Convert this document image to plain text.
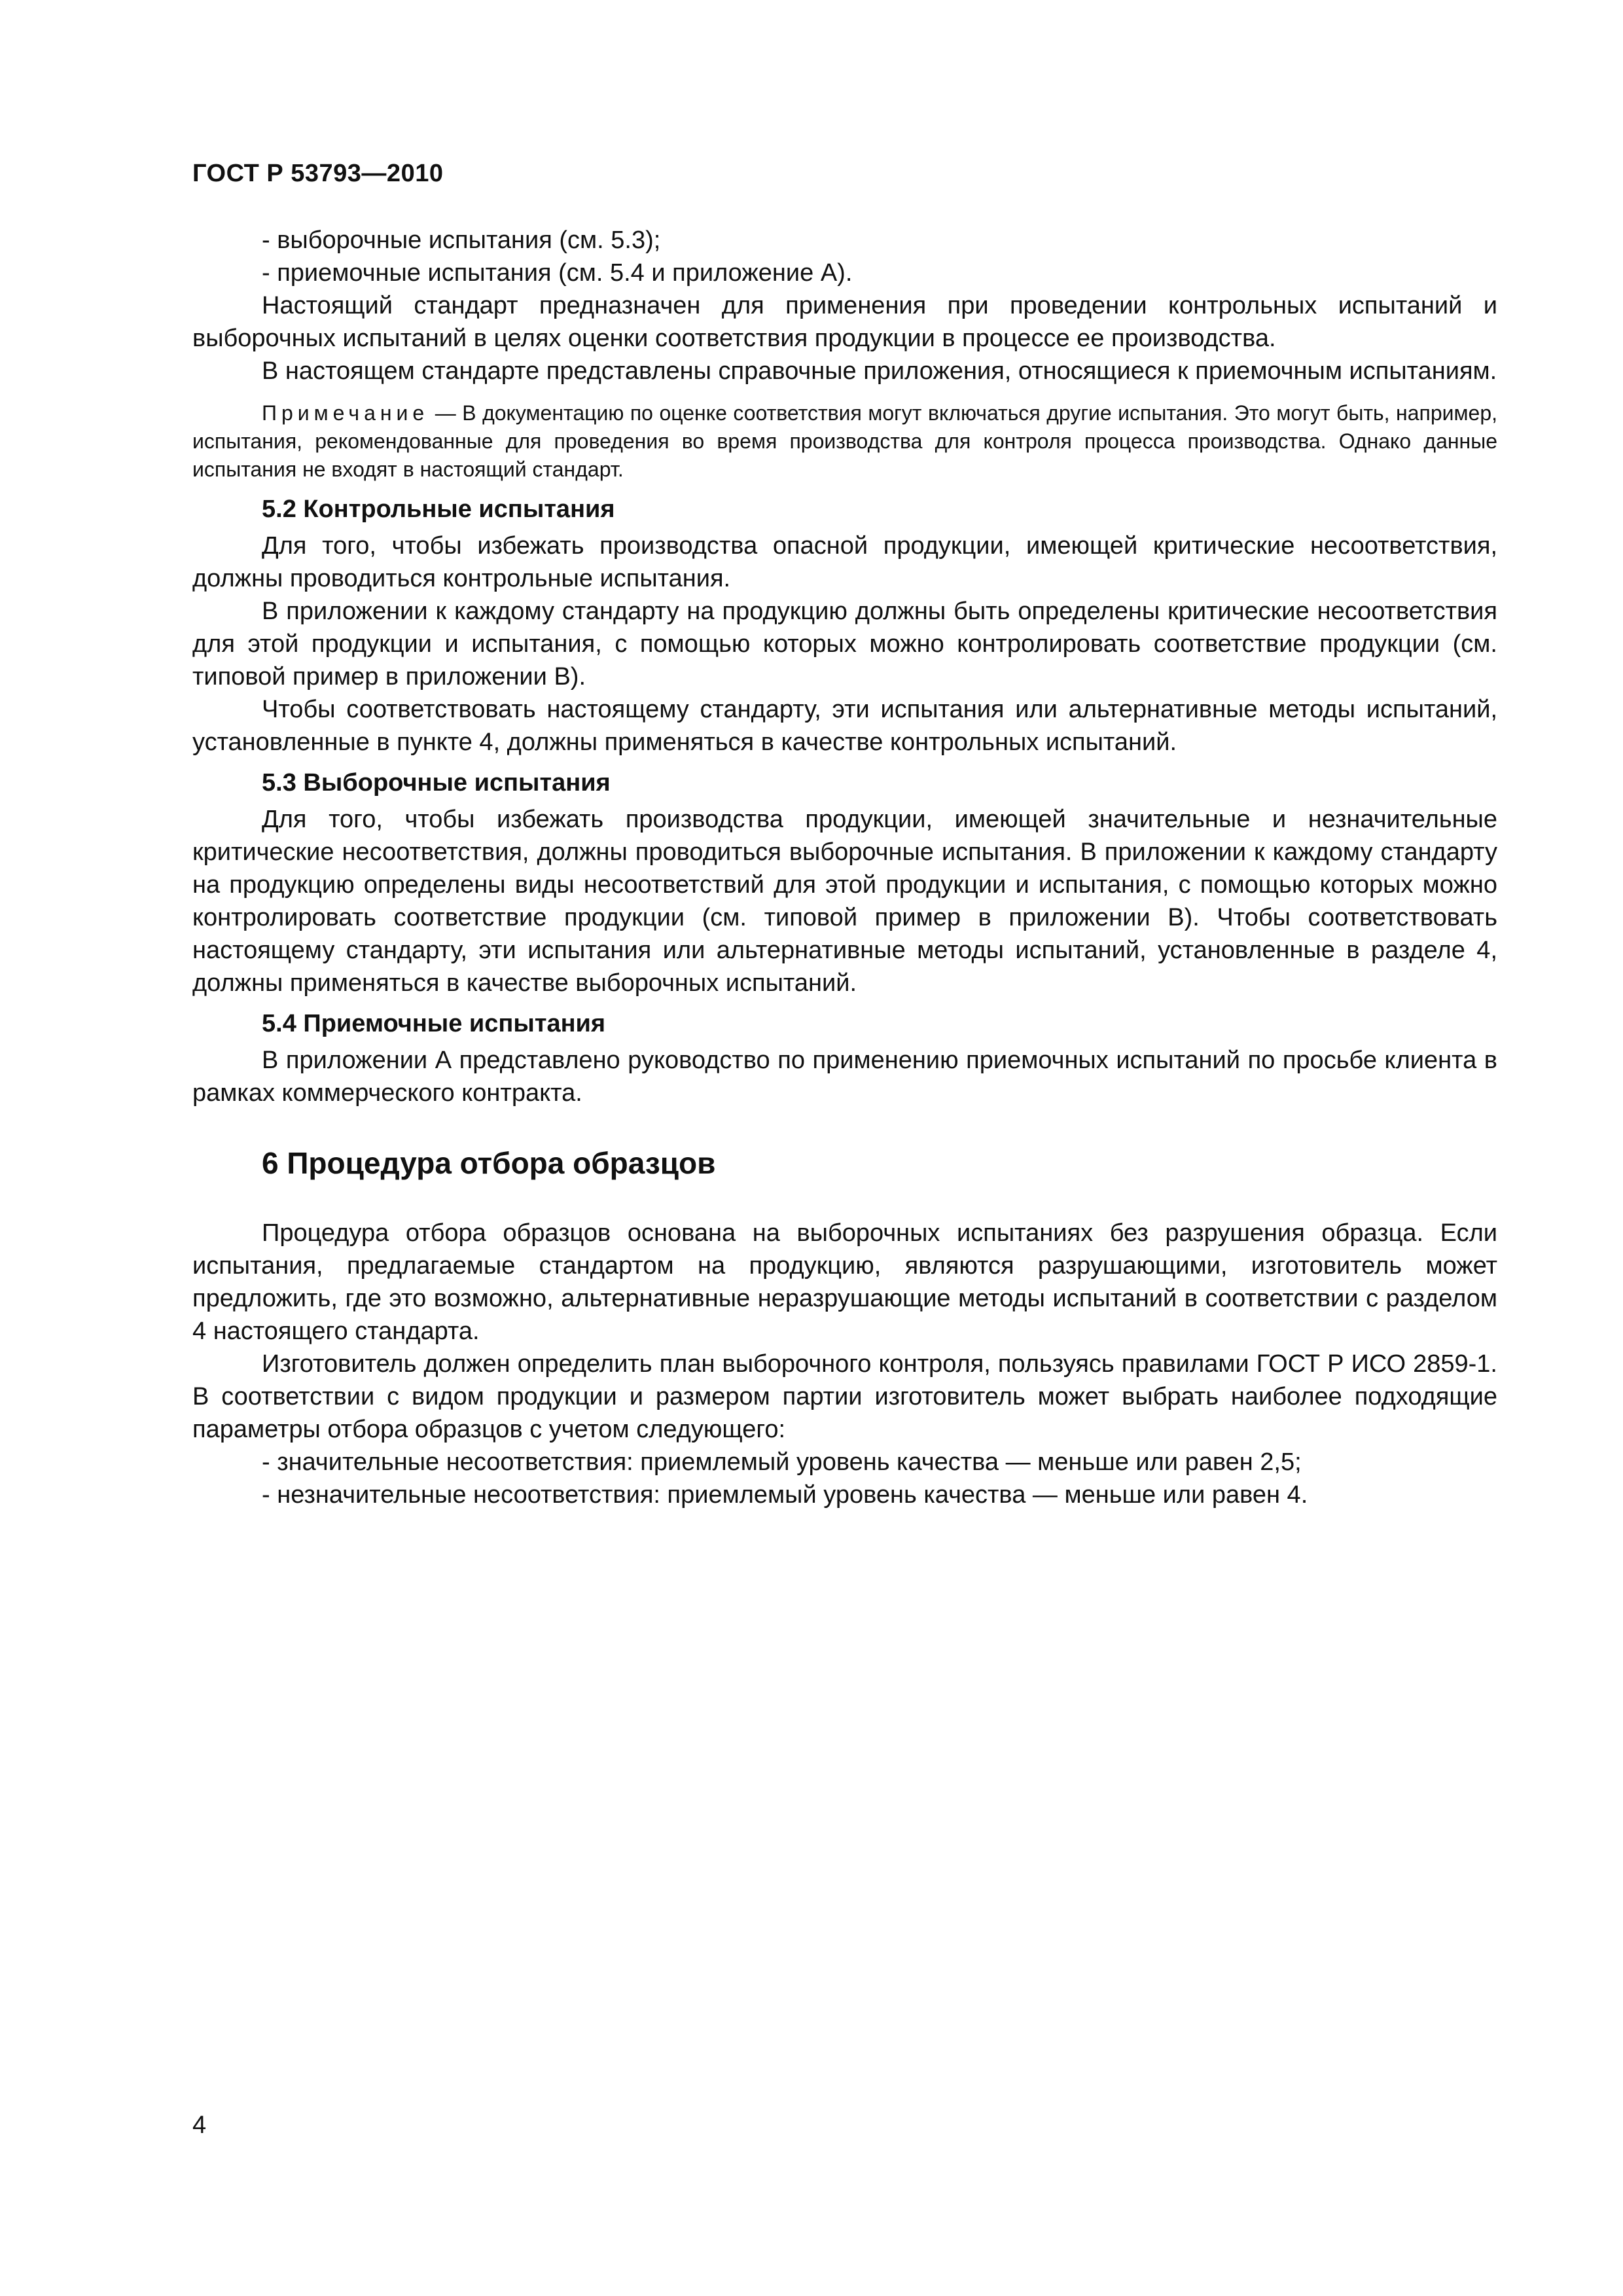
ГОСТ Р 53793—2010

- выборочные испытания (см. 5.3);

- приемочные испытания (см. 5.4 и приложение А).

Настоящий стандарт предназначен для применения при проведении контрольных испытаний и выборочных испытаний в целях оценки соответствия продукции в процессе ее производства.

В настоящем стандарте представлены справочные приложения, относящиеся к приемочным испытаниям.

Примечание — В документацию по оценке соответствия могут включаться другие испытания. Это могут быть, например, испытания, рекомендованные для проведения во время производства для контроля процесса производства. Однако данные испытания не входят в настоящий стандарт.

5.2 Контрольные испытания

Для того, чтобы избежать производства опасной продукции, имеющей критические несоответствия, должны проводиться контрольные испытания.

В приложении к каждому стандарту на продукцию должны быть определены критические несоответствия для этой продукции и испытания, с помощью которых можно контролировать соответствие продукции (см. типовой пример в приложении В).

Чтобы соответствовать настоящему стандарту, эти испытания или альтернативные методы испытаний, установленные в пункте 4, должны применяться в качестве контрольных испытаний.

5.3 Выборочные испытания

Для того, чтобы избежать производства продукции, имеющей значительные и незначительные критические несоответствия, должны проводиться выборочные испытания. В приложении к каждому стандарту на продукцию определены виды несоответствий для этой продукции и испытания, с помощью которых можно контролировать соответствие продукции (см. типовой пример в приложении В). Чтобы соответствовать настоящему стандарту, эти испытания или альтернативные методы испытаний, установленные в разделе 4, должны применяться в качестве выборочных испытаний.

5.4 Приемочные испытания

В приложении А представлено руководство по применению приемочных испытаний по просьбе клиента в рамках коммерческого контракта.

6 Процедура отбора образцов

Процедура отбора образцов основана на выборочных испытаниях без разрушения образца. Если испытания, предлагаемые стандартом на продукцию, являются разрушающими, изготовитель может предложить, где это возможно, альтернативные неразрушающие методы испытаний в соответствии с разделом 4 настоящего стандарта.

Изготовитель должен определить план выборочного контроля, пользуясь правилами ГОСТ Р ИСО 2859-1. В соответствии с видом продукции и размером партии изготовитель может выбрать наиболее подходящие параметры отбора образцов с учетом следующего:

- значительные несоответствия: приемлемый уровень качества — меньше или равен 2,5;

- незначительные несоответствия: приемлемый уровень качества — меньше или равен 4.

4
